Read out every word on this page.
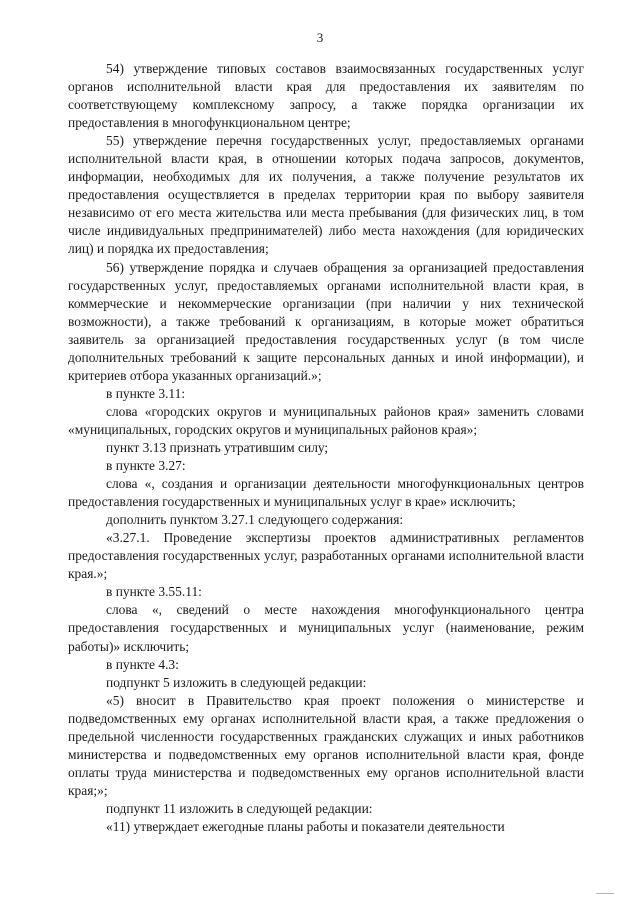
3

54) утверждение типовых составов взаимосвязанных государственных услуг органов исполнительной власти края для предоставления их заявителям по соответствующему комплексному запросу, а также порядка организации их предоставления в многофункциональном центре;

55) утверждение перечня государственных услуг, предоставляемых органами исполнительной власти края, в отношении которых подача запросов, документов, информации, необходимых для их получения, а также получение результатов их предоставления осуществляется в пределах территории края по выбору заявителя независимо от его места жительства или места пребывания (для физических лиц, в том числе индивидуальных предпринимателей) либо места нахождения (для юридических лиц) и порядка их предоставления;

56) утверждение порядка и случаев обращения за организацией предоставления государственных услуг, предоставляемых органами исполнительной власти края, в коммерческие и некоммерческие организации (при наличии у них технической возможности), а также требований к организациям, в которые может обратиться заявитель за организацией предоставления государственных услуг (в том числе дополнительных требований к защите персональных данных и иной информации), и критериев отбора указанных организаций.»;

в пункте 3.11:

слова «городских округов и муниципальных районов края» заменить словами «муниципальных, городских округов и муниципальных районов края»;

пункт 3.13 признать утратившим силу;

в пункте 3.27:

слова «, создания и организации деятельности многофункциональных центров предоставления государственных и муниципальных услуг в крае» исключить;

дополнить пунктом 3.27.1 следующего содержания:

«3.27.1. Проведение экспертизы проектов административных регламентов предоставления государственных услуг, разработанных органами исполнительной власти края.»;

в пункте 3.55.11:

слова «, сведений о месте нахождения многофункционального центра предоставления государственных и муниципальных услуг (наименование, режим работы)» исключить;

в пункте 4.3:

подпункт 5 изложить в следующей редакции:

«5) вносит в Правительство края проект положения о министерстве и подведомственных ему органах исполнительной власти края, а также предложения о предельной численности государственных гражданских служащих и иных работников министерства и подведомственных ему органов исполнительной власти края, фонде оплаты труда министерства и подведомственных ему органов исполнительной власти края;»;

подпункт 11 изложить в следующей редакции:

«11) утверждает ежегодные планы работы и показатели деятельности
